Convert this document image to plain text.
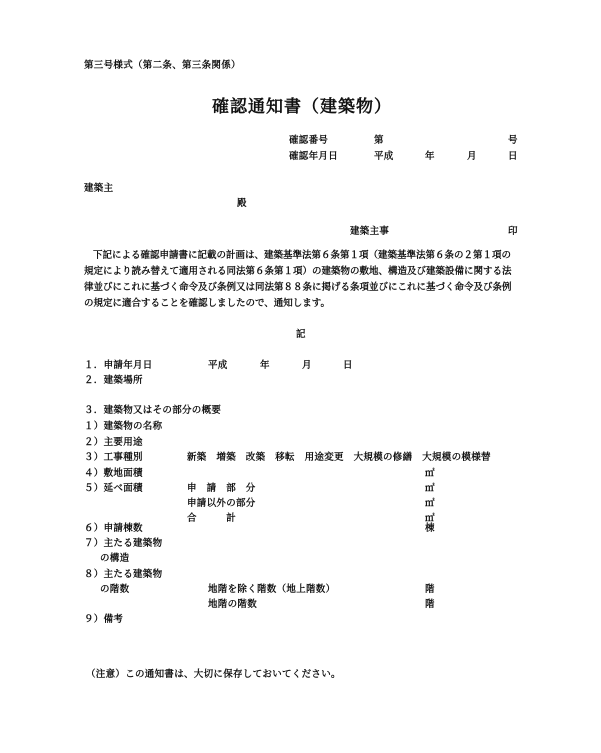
第三号様式（第二条、第三条関係）
確認通知書（建築物）
確認番号	第	号
確認年月日	平成	年	月	日
建築主
殿
建築主事	印
下記による確認申請書に記載の計画は、建築基準法第６条第１項（建築基準法第６条の２第１項の規定により読み替えて適用される同法第６条第１項）の建築物の敷地、構造及び建築設備に関する法律並びにこれに基づく命令及び条例又は同法第８８条に掲げる条項並びにこれに基づく命令及び条例の規定に適合することを確認しましたので、通知します。
記
１．申請年月日	平成	年	月	日
２．建築場所
３．建築物又はその部分の概要
１）建築物の名称
２）主要用途
３）工事種別	新築　増築　改築　移転　用途変更　大規模の修繕　大規模の模様替
４）敷地面積	㎡
５）延べ面積	申　請　部　分	㎡
申請以外の部分	㎡
合　　　計	㎡
６）申請棟数	棟
７）主たる建築物
の構造
８）主たる建築物
の階数	地階を除く階数（地上階数）	階
地階の階数	階
９）備考
（注意）この通知書は、大切に保存しておいてください。
